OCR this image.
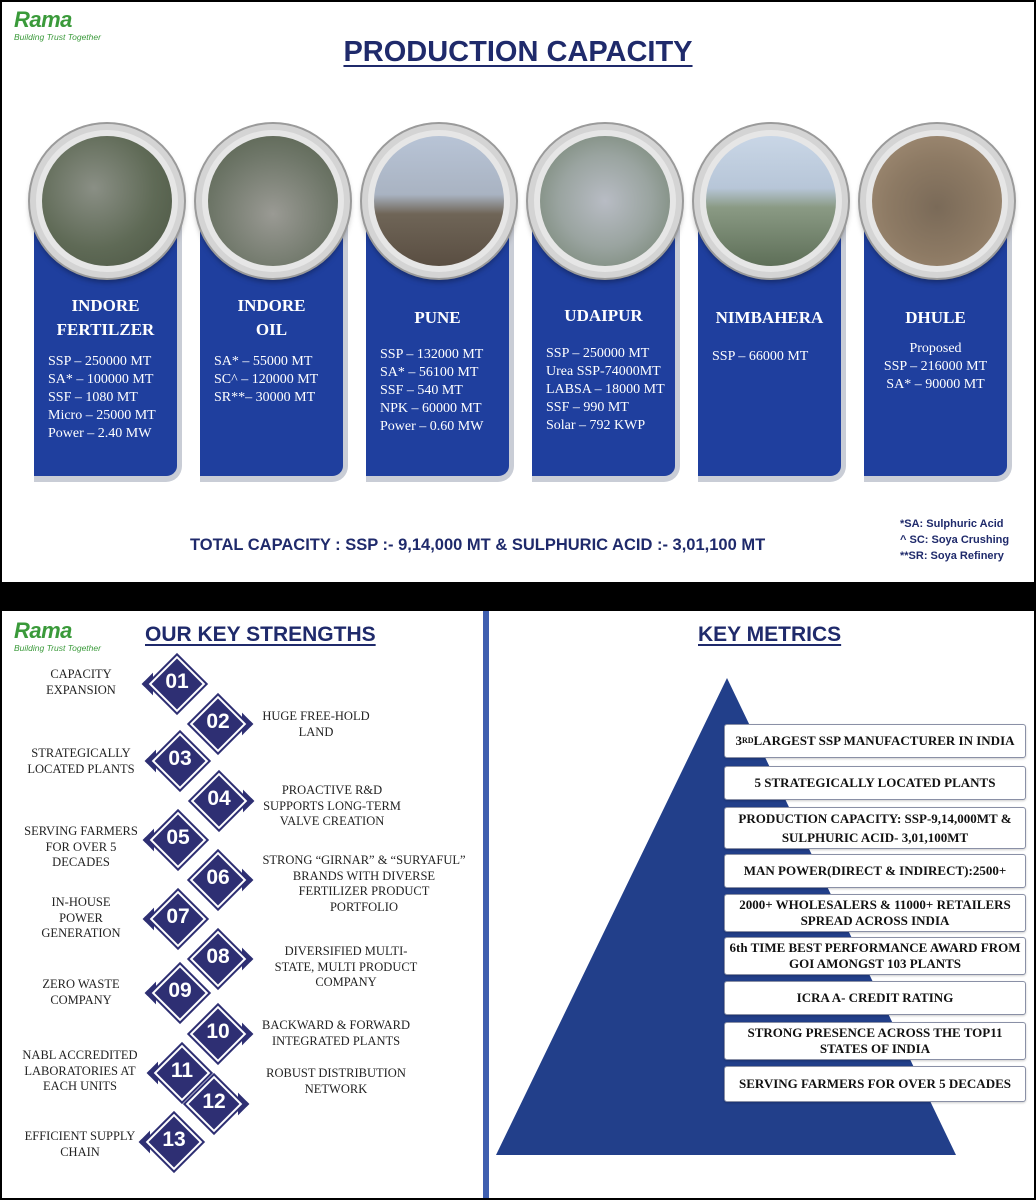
Rama
Building Trust Together	PRODUCTION CAPACITY
INDORE
FERTILZER
SSP – 250000 MT
SA* – 100000 MT
SSF – 1080 MT
Micro – 25000 MT
Power – 2.40 MW
INDORE
OIL
SA* – 55000 MT
SC^ – 120000 MT
SR**– 30000 MT
PUNE
SSP – 132000 MT
SA* – 56100 MT
SSF – 540 MT
NPK – 60000 MT
Power – 0.60 MW
UDAIPUR
SSP – 250000 MT
Urea SSP-74000MT
LABSA – 18000 MT
SSF – 990 MT
Solar – 792 KWP
NIMBAHERA
SSP – 66000 MT
DHULE
Proposed
SSP – 216000 MT
SA* – 90000 MT
TOTAL CAPACITY : SSP :- 9,14,000 MT & SULPHURIC ACID :- 3,01,100 MT
*SA: Sulphuric Acid
^ SC: Soya Crushing
**SR: Soya Refinery
Rama
Building Trust Together
OUR KEY STRENGTHS	KEY METRICS
01
CAPACITY
EXPANSION
02	HUGE FREE-HOLD
LAND
03
STRATEGICALLY
LOCATED PLANTS
04	PROACTIVE R&D
SUPPORTS LONG-TERM
VALVE CREATION
05
SERVING FARMERS
FOR OVER 5
DECADES
06
STRONG “GIRNAR” & “SURYAFUL”
BRANDS WITH DIVERSE
FERTILIZER PRODUCT
PORTFOLIO
07
IN-HOUSE
POWER
GENERATION
08	DIVERSIFIED MULTI-
STATE, MULTI PRODUCT
COMPANY
09
ZERO WASTE
COMPANY
10	BACKWARD & FORWARD
INTEGRATED PLANTS
11
NABL ACCREDITED
LABORATORIES AT
EACH UNITS
12
ROBUST DISTRIBUTION
NETWORK
13
EFFICIENT SUPPLY
CHAIN
3 RD LARGEST SSP MANUFACTURER IN INDIA
5 STRATEGICALLY LOCATED PLANTS
PRODUCTION CAPACITY: SSP-9,14,000MT &
SULPHURIC ACID- 3,01,100MT
MAN POWER(DIRECT & INDIRECT):2500+
2000+ WHOLESALERS & 11000+ RETAILERS
SPREAD ACROSS INDIA
6th TIME BEST PERFORMANCE AWARD FROM
GOI AMONGST 103 PLANTS
ICRA A- CREDIT RATING
STRONG PRESENCE ACROSS THE TOP11
STATES OF INDIA
SERVING FARMERS FOR OVER 5 DECADES
